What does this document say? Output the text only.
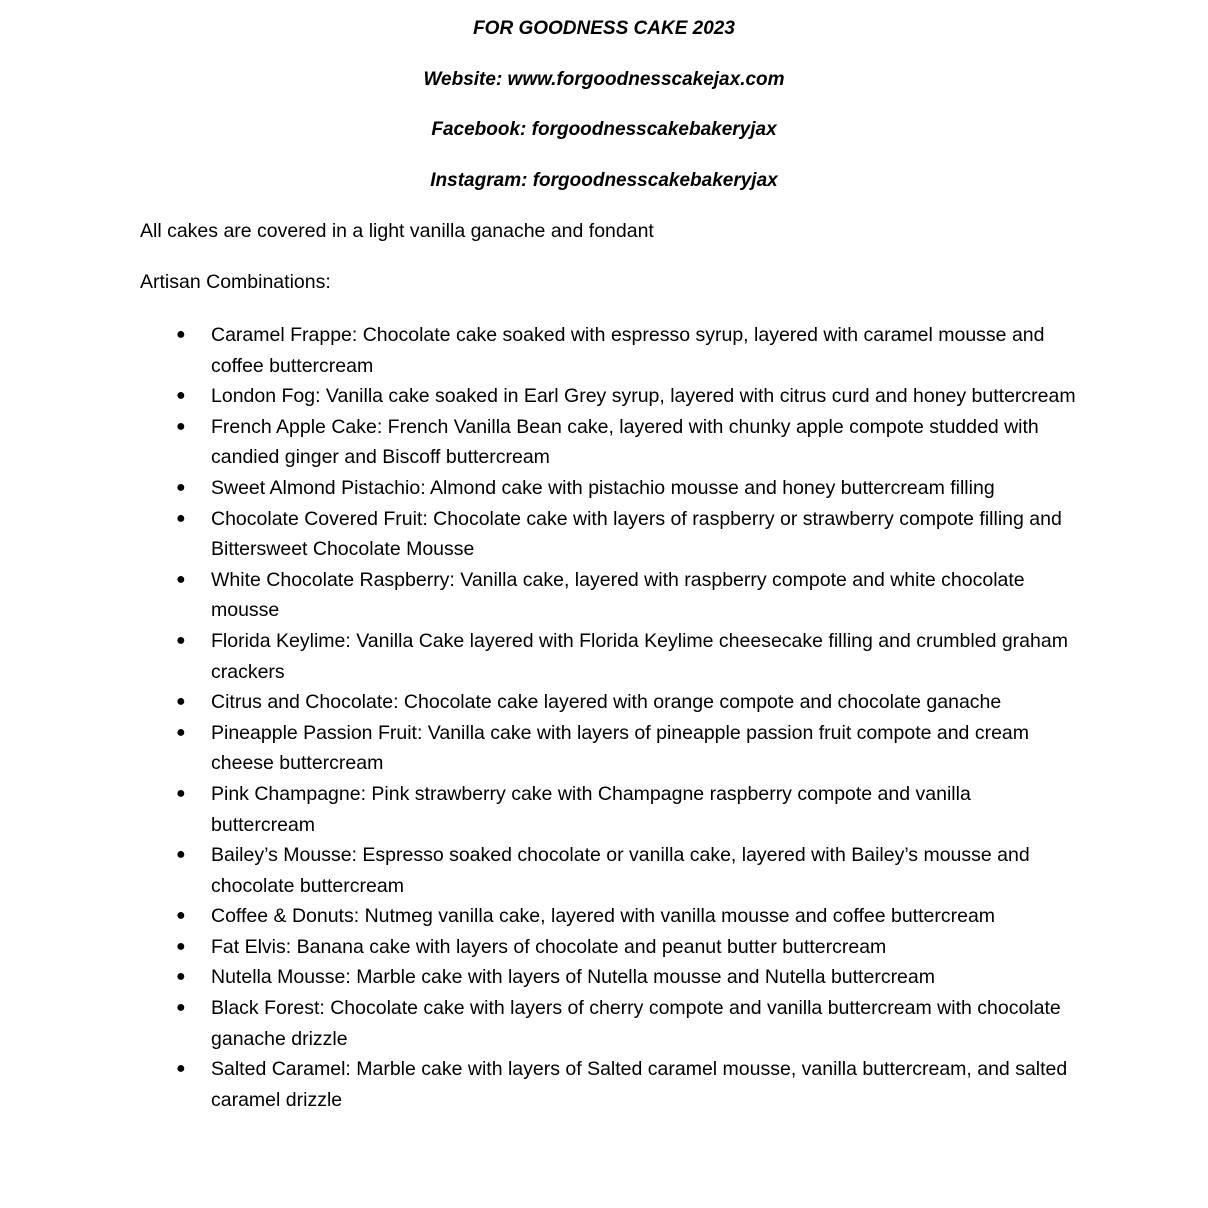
FOR GOODNESS CAKE 2023
Website: www.forgoodnesscakejax.com
Facebook: forgoodnesscakebakeryjax
Instagram: forgoodnesscakebakeryjax
All cakes are covered in a light vanilla ganache and fondant
Artisan Combinations:
● Caramel Frappe: Chocolate cake soaked with espresso syrup, layered with caramel mousse and coffee buttercream
● London Fog: Vanilla cake soaked in Earl Grey syrup, layered with citrus curd and honey buttercream
● French Apple Cake: French Vanilla Bean cake, layered with chunky apple compote studded with candied ginger and Biscoff buttercream
● Sweet Almond Pistachio: Almond cake with pistachio mousse and honey buttercream filling
● Chocolate Covered Fruit: Chocolate cake with layers of raspberry or strawberry compote filling and Bittersweet Chocolate Mousse
● White Chocolate Raspberry: Vanilla cake, layered with raspberry compote and white chocolate mousse
● Florida Keylime: Vanilla Cake layered with Florida Keylime cheesecake filling and crumbled graham crackers
● Citrus and Chocolate: Chocolate cake layered with orange compote and chocolate ganache
● Pineapple Passion Fruit: Vanilla cake with layers of pineapple passion fruit compote and cream cheese buttercream
● Pink Champagne: Pink strawberry cake with Champagne raspberry compote and vanilla buttercream
● Bailey’s Mousse: Espresso soaked chocolate or vanilla cake, layered with Bailey’s mousse and chocolate buttercream
● Coffee & Donuts: Nutmeg vanilla cake, layered with vanilla mousse and coffee buttercream
● Fat Elvis: Banana cake with layers of chocolate and peanut butter buttercream
● Nutella Mousse: Marble cake with layers of Nutella mousse and Nutella buttercream
● Black Forest: Chocolate cake with layers of cherry compote and vanilla buttercream with chocolate ganache drizzle
● Salted Caramel: Marble cake with layers of Salted caramel mousse, vanilla buttercream, and salted caramel drizzle
